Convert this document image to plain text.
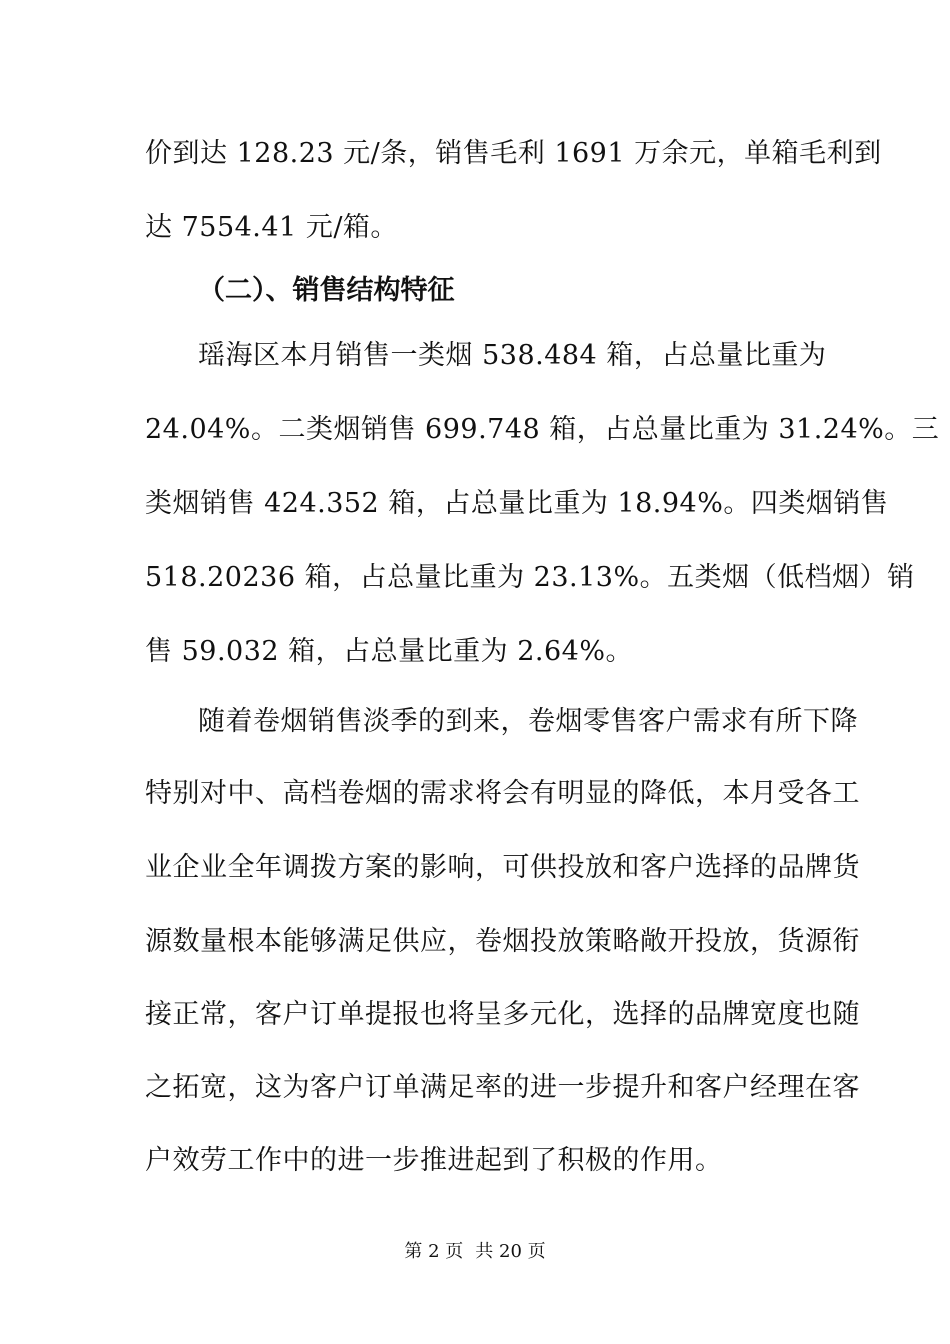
价到达 128.23 元/条，销售毛利 1691 万余元，单箱毛利到
达 7554.41 元/箱。
（二）、销售结构特征
瑶海区本月销售一类烟 538.484 箱，占总量比重为
24.04%。二类烟销售 699.748 箱，占总量比重为 31.24%。三
类烟销售 424.352 箱，占总量比重为 18.94%。四类烟销售
518.20236 箱，占总量比重为 23.13%。五类烟（低档烟）销
售 59.032 箱，占总量比重为 2.64%。
随着卷烟销售淡季的到来，卷烟零售客户需求有所下降
特别对中、高档卷烟的需求将会有明显的降低，本月受各工
业企业全年调拨方案的影响，可供投放和客户选择的品牌货
源数量根本能够满足供应，卷烟投放策略敞开投放，货源衔
接正常，客户订单提报也将呈多元化，选择的品牌宽度也随
之拓宽，这为客户订单满足率的进一步提升和客户经理在客
户效劳工作中的进一步推进起到了积极的作用。
第 2 页 共 20 页
